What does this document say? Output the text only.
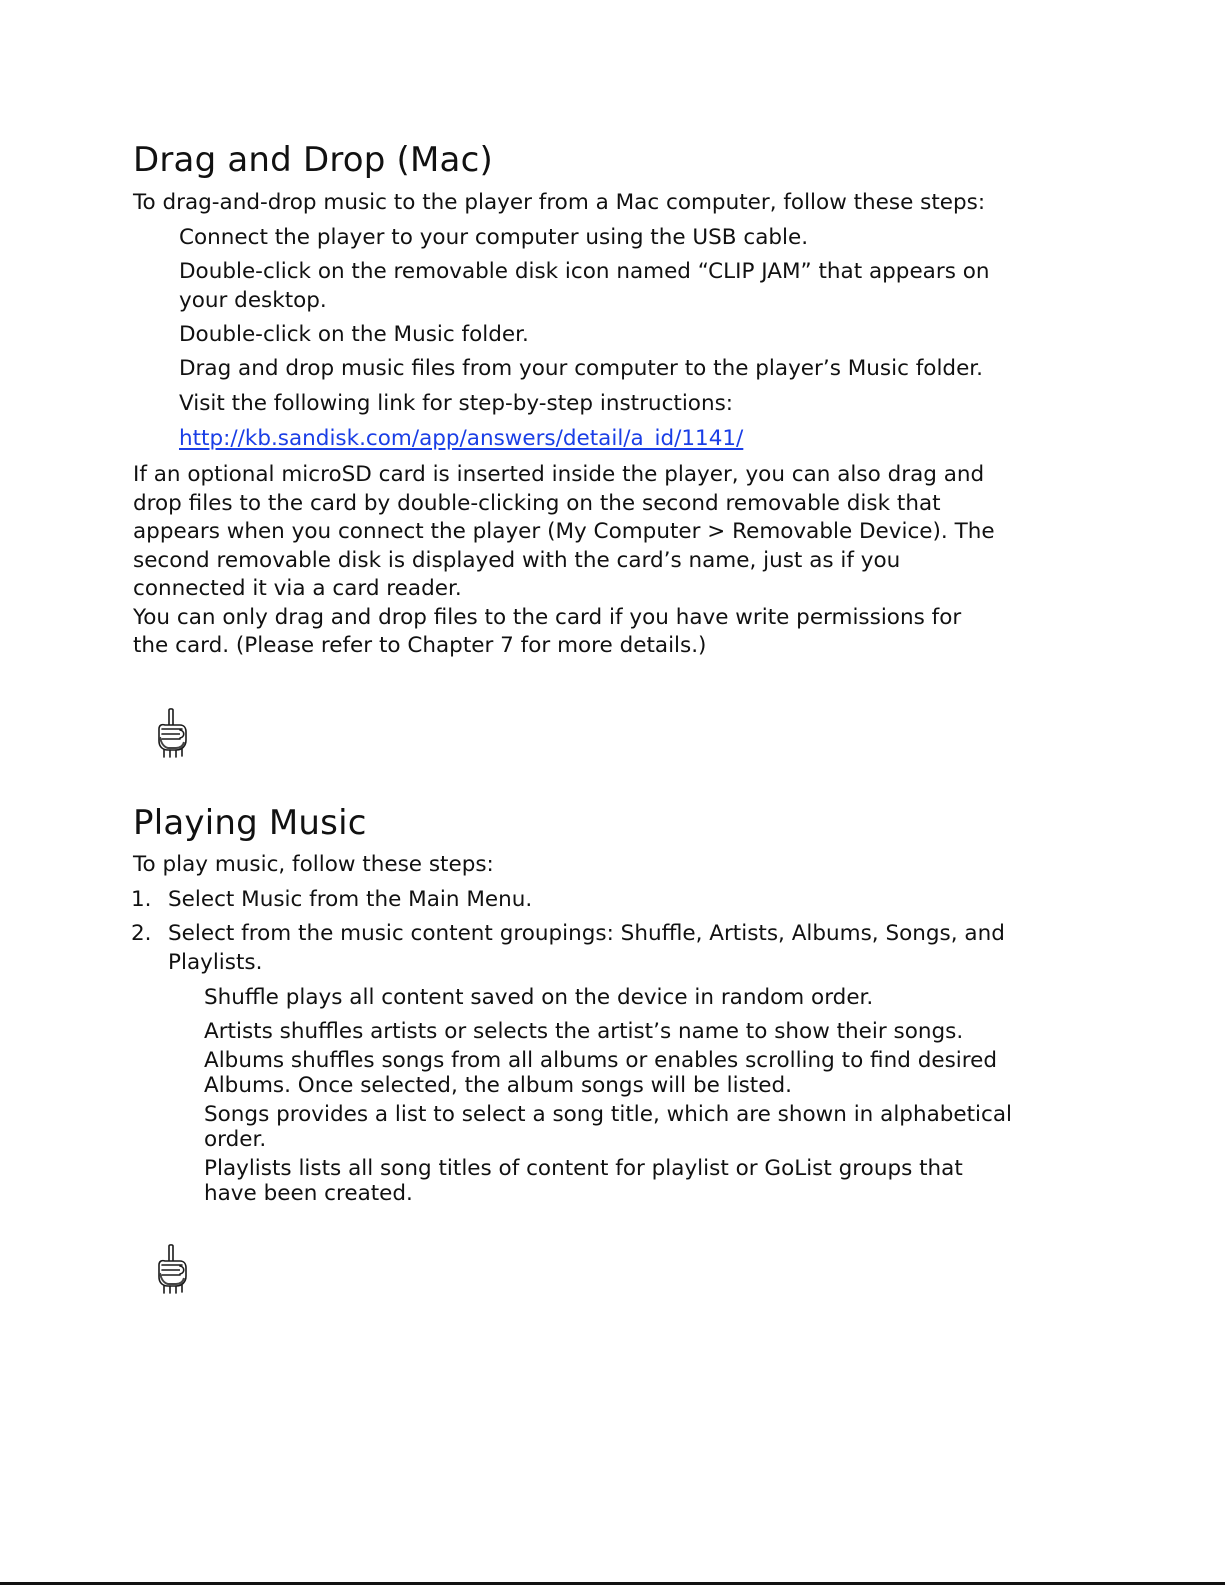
Drag and Drop (Mac)

To drag-and-drop music to the player from a Mac computer, follow these steps:

Connect the player to your computer using the USB cable.

Double-click on the removable disk icon named “CLIP JAM” that appears on

your desktop.

Double-click on the Music folder.

Drag and drop music files from your computer to the player’s Music folder.

Visit the following link for step-by-step instructions:

http://kb.sandisk.com/app/answers/detail/a_id/1141/

If an optional microSD card is inserted inside the player, you can also drag and

drop files to the card by double-clicking on the second removable disk that

appears when you connect the player (My Computer > Removable Device). The

second removable disk is displayed with the card’s name, just as if you

connected it via a card reader.

You can only drag and drop files to the card if you have write permissions for

the card. (Please refer to Chapter 7 for more details.)

Playing Music

To play music, follow these steps:

1. Select Music from the Main Menu.

2. Select from the music content groupings: Shuffle, Artists, Albums, Songs, and

Playlists.

Shuffle plays all content saved on the device in random order.

Artists shuffles artists or selects the artist’s name to show their songs.

Albums shuffles songs from all albums or enables scrolling to find desired
Albums. Once selected, the album songs will be listed.

Songs provides a list to select a song title, which are shown in alphabetical
order.

Playlists lists all song titles of content for playlist or GoList groups that
have been created.
